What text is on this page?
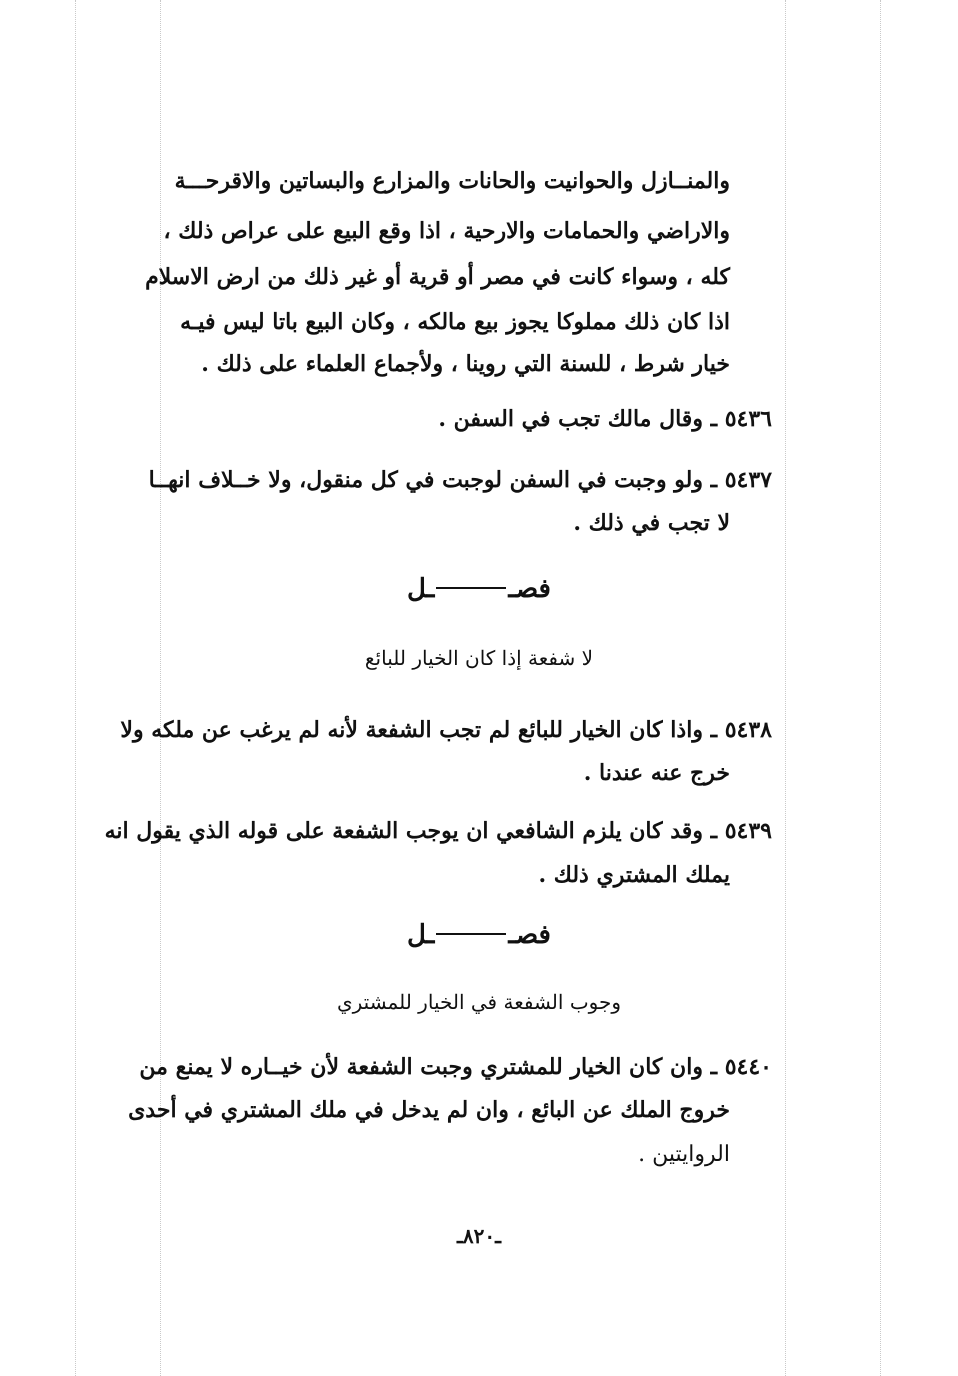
والمنــازل والحوانيت والحانات والمزارع والبساتين والاقرحـــة
والاراضي والحمامات والارحية ، اذا وقع البيع على عراص ذلك ،
كله ، وسواء كانت في مصر أو قرية أو غير ذلك من ارض الاسلام
اذا كان ذلك مملوكا يجوز بيع مالكه ، وكان البيع باتا ليس فيـه
خيار شرط ، للسنة التي روينا ، ولأجماع العلماء على ذلك .
٥٤٣٦ ـ وقال مالك تجب في السفن .
٥٤٣٧ ـ ولو وجبت في السفن لوجبت في كل منقول، ولا خــلاف انهــا
لا تجب في ذلك .
فصــل
لا شفعة إذا كان الخيار للبائع
٥٤٣٨ ـ واذا كان الخيار للبائع لم تجب الشفعة لأنه لم يرغب عن ملكه ولا
خرج عنه عندنا .
٥٤٣٩ ـ وقد كان يلزم الشافعي ان يوجب الشفعة على قوله الذي يقول انه
يملك المشتري ذلك .
فصــل
وجوب الشفعة في الخيار للمشتري
٥٤٤٠ ـ وان كان الخيار للمشتري وجبت الشفعة لأن خيــاره لا يمنع من
خروج الملك عن البائع ، وان لم يدخل في ملك المشتري في أحدى
الروايتين .
ـ٨٢٠ـ
